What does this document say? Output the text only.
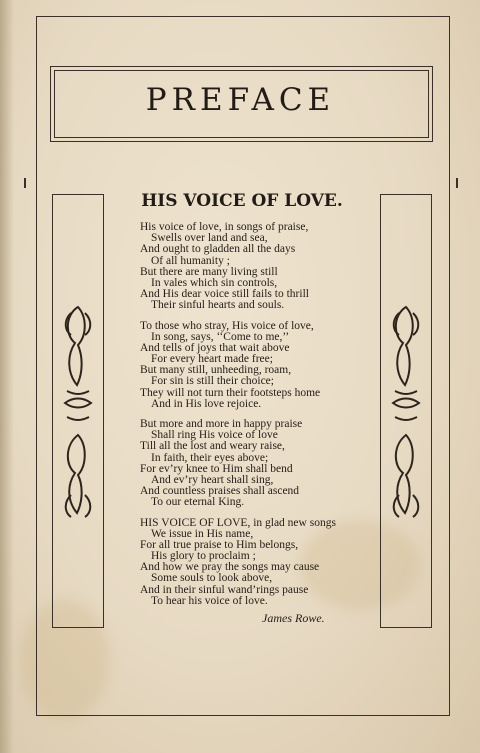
PREFACE
HIS VOICE OF LOVE.
His voice of love, in songs of praise,
Swells over land and sea,
And ought to gladden all the days
Of all humanity ;
But there are many living still
In vales which sin controls,
And His dear voice still fails to thrill
Their sinful hearts and souls.
To those who stray, His voice of love,
In song, says, ‘‘Come to me,’’
And tells of joys that wait above
For every heart made free;
But many still, unheeding, roam,
For sin is still their choice;
They will not turn their footsteps home
And in His love rejoice.
But more and more in happy praise
Shall ring His voice of love
Till all the lost and weary raise,
In faith, their eyes above;
For ev’ry knee to Him shall bend
And ev’ry heart shall sing,
And countless praises shall ascend
To our eternal King.
HIS VOICE OF LOVE, in glad new songs
We issue in His name,
For all true praise to Him belongs,
His glory to proclaim ;
And how we pray the songs may cause
Some souls to look above,
And in their sinful wand’rings pause
To hear his voice of love.
James Rowe.
